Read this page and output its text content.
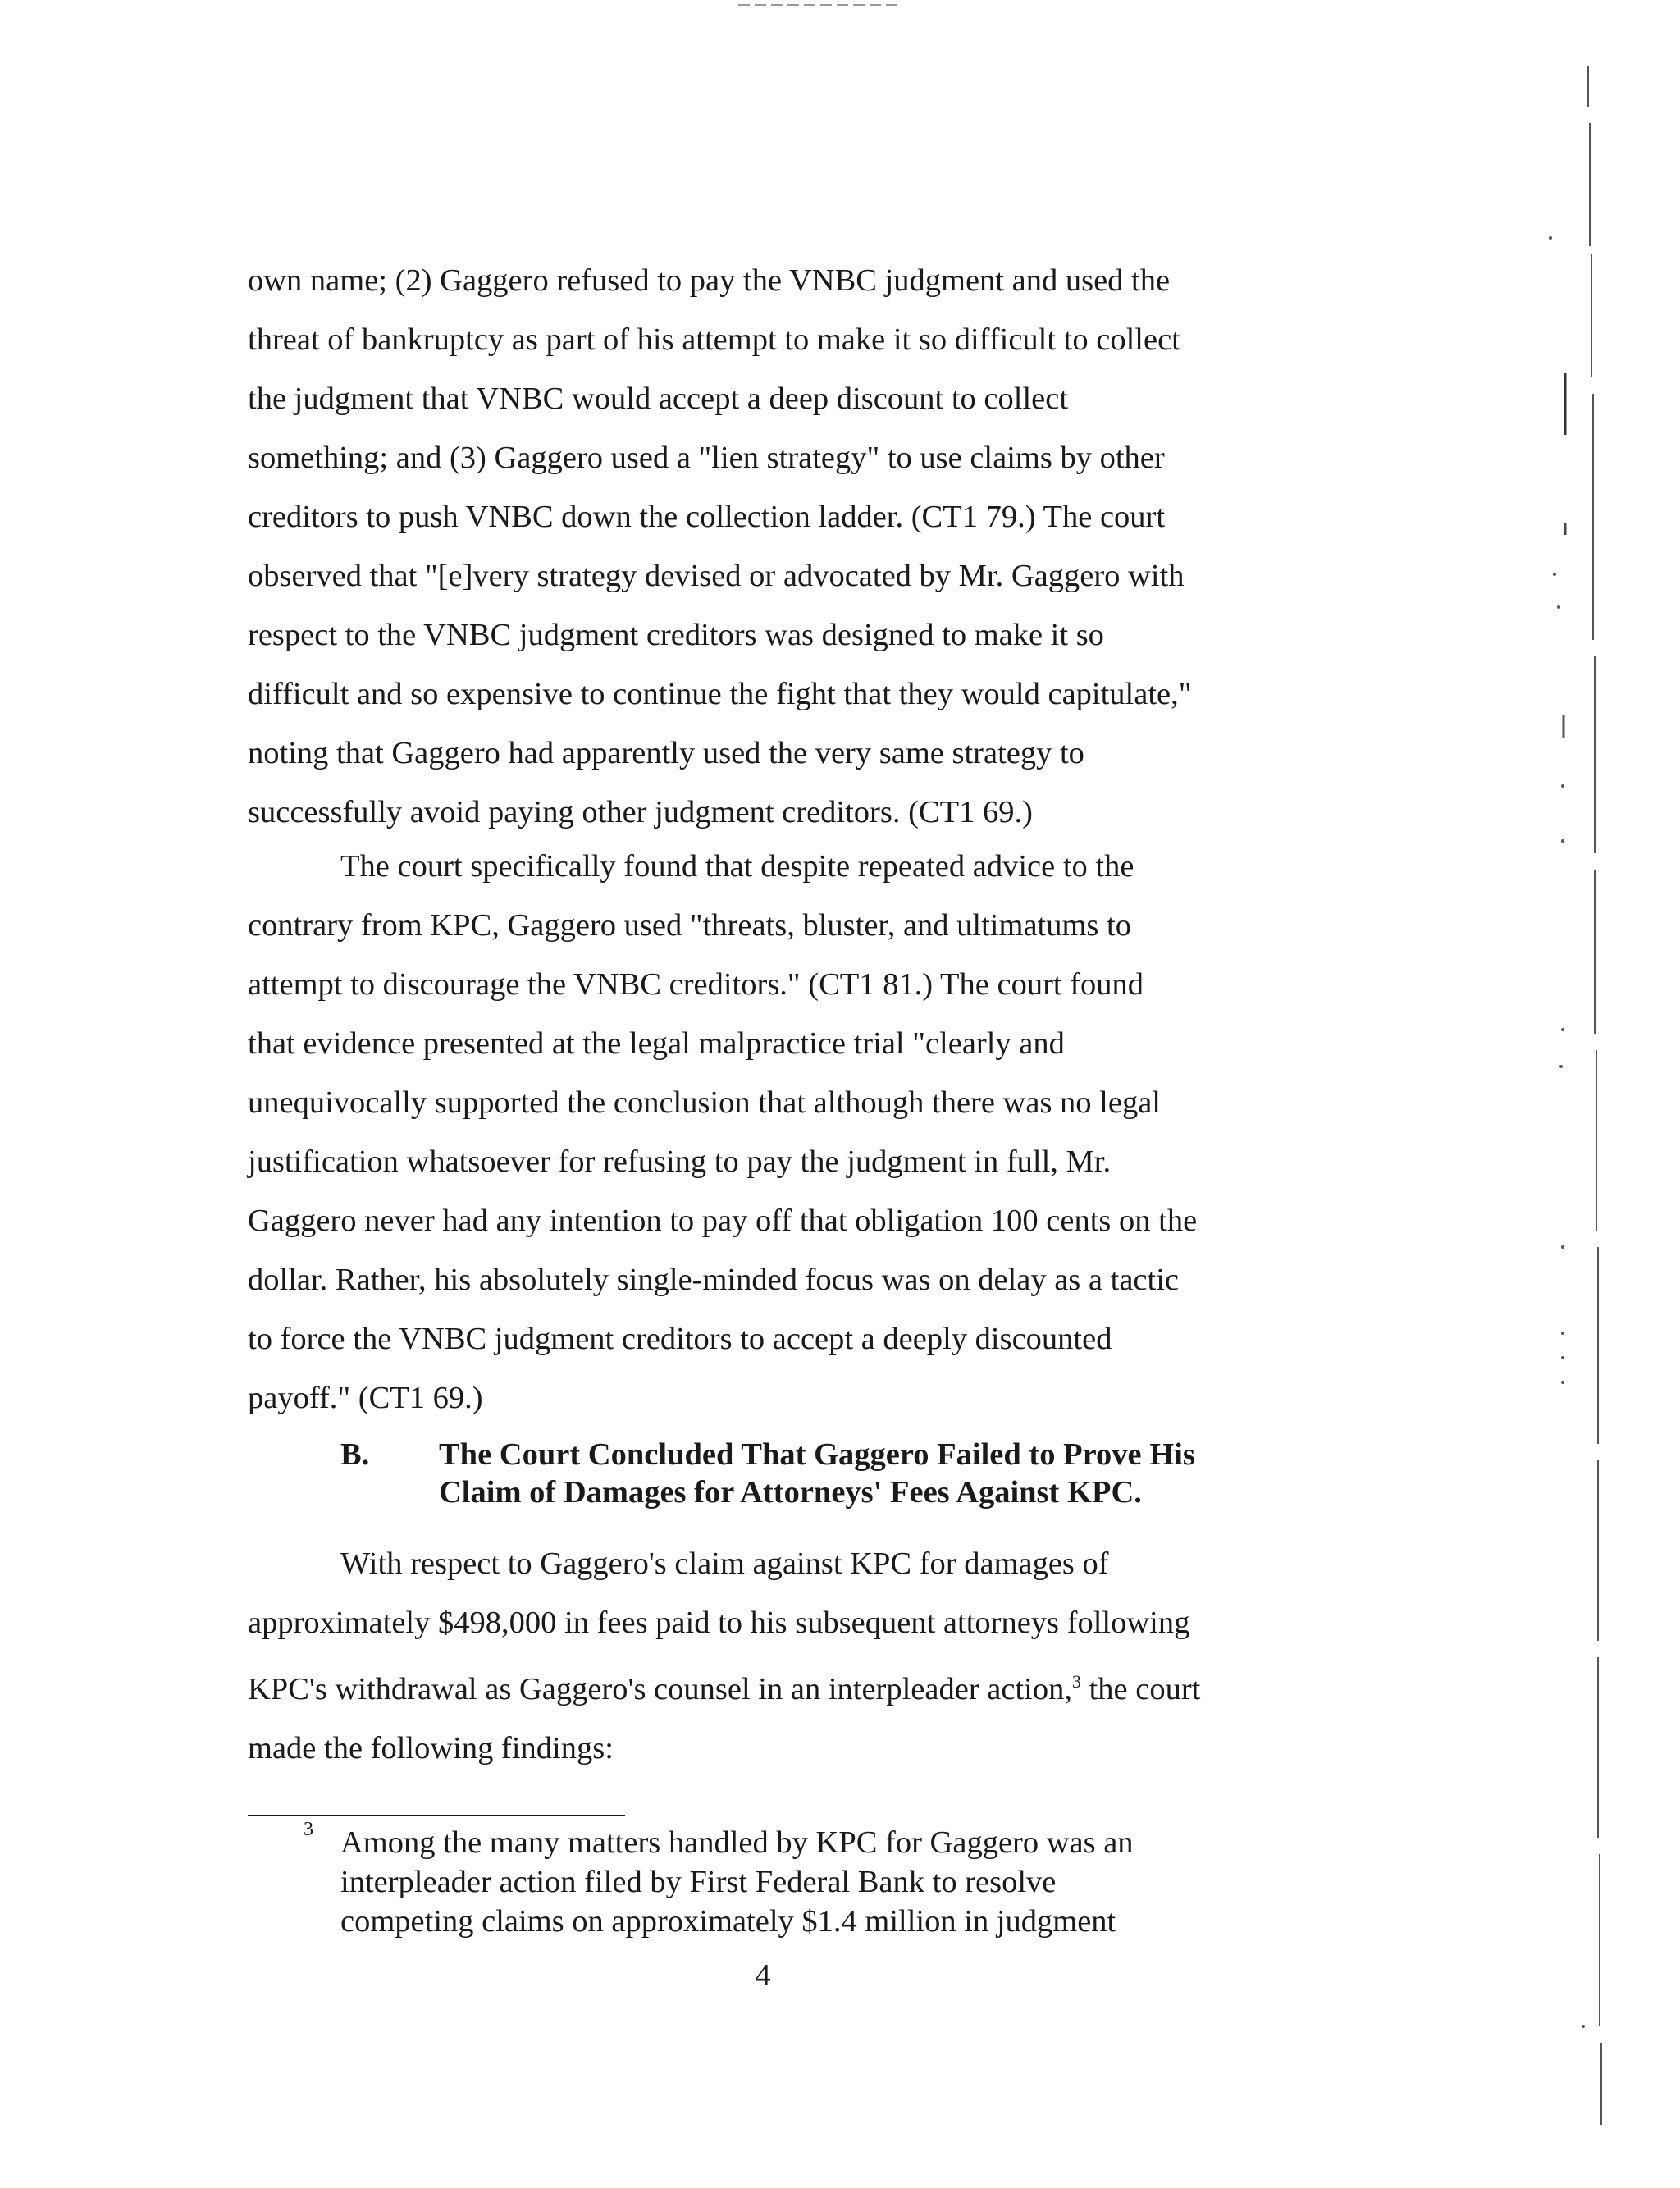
own name; (2) Gaggero refused to pay the VNBC judgment and used the
threat of bankruptcy as part of his attempt to make it so difficult to collect
the judgment that VNBC would accept a deep discount to collect
something; and (3) Gaggero used a "lien strategy" to use claims by other
creditors to push VNBC down the collection ladder. (CT1 79.) The court
observed that "[e]very strategy devised or advocated by Mr. Gaggero with
respect to the VNBC judgment creditors was designed to make it so
difficult and so expensive to continue the fight that they would capitulate,"
noting that Gaggero had apparently used the very same strategy to
successfully avoid paying other judgment creditors. (CT1 69.)
The court specifically found that despite repeated advice to the
contrary from KPC, Gaggero used "threats, bluster, and ultimatums to
attempt to discourage the VNBC creditors." (CT1 81.) The court found
that evidence presented at the legal malpractice trial "clearly and
unequivocally supported the conclusion that although there was no legal
justification whatsoever for refusing to pay the judgment in full, Mr.
Gaggero never had any intention to pay off that obligation 100 cents on the
dollar. Rather, his absolutely single-minded focus was on delay as a tactic
to force the VNBC judgment creditors to accept a deeply discounted
payoff." (CT1 69.)
B.	The Court Concluded That Gaggero Failed to Prove His
Claim of Damages for Attorneys' Fees Against KPC.
With respect to Gaggero's claim against KPC for damages of
approximately $498,000 in fees paid to his subsequent attorneys following
KPC's withdrawal as Gaggero's counsel in an interpleader action,$^3$ the court
made the following findings:
3 Among the many matters handled by KPC for Gaggero was an
interpleader action filed by First Federal Bank to resolve
competing claims on approximately $1.4 million in judgment
4
